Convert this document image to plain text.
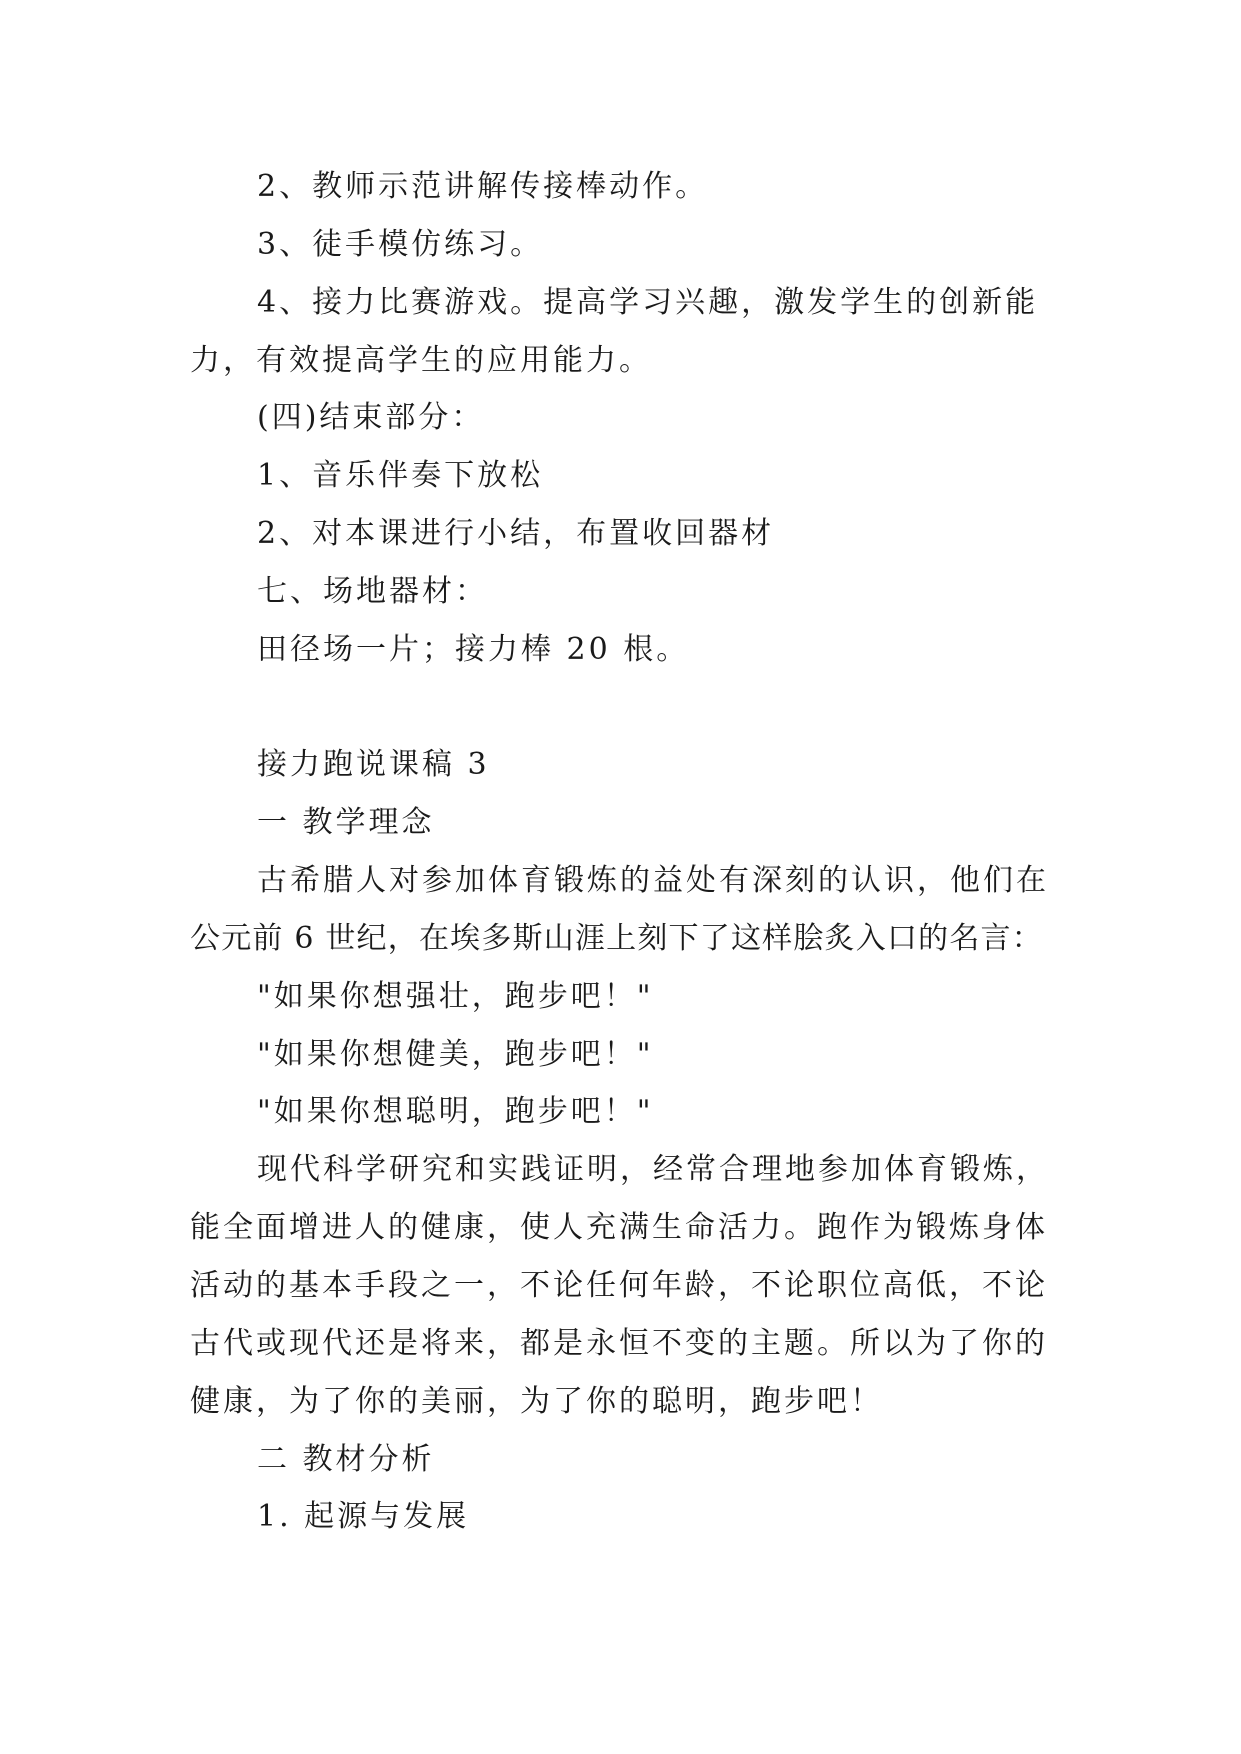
2、教师示范讲解传接棒动作。
3、徒手模仿练习。
4、接力比赛游戏。提高学习兴趣，激发学生的创新能
力，有效提高学生的应用能力。
(四)结束部分：
1、音乐伴奏下放松
2、对本课进行小结，布置收回器材
七、场地器材：
田径场一片；接力棒 20 根。
接力跑说课稿 3
一 教学理念
古希腊人对参加体育锻炼的益处有深刻的认识，他们在
公元前 6 世纪，在埃多斯山涯上刻下了这样脍炙入口的名言：
"如果你想强壮，跑步吧！"
"如果你想健美，跑步吧！"
"如果你想聪明，跑步吧！"
现代科学研究和实践证明，经常合理地参加体育锻炼，
能全面增进人的健康，使人充满生命活力。跑作为锻炼身体
活动的基本手段之一，不论任何年龄，不论职位高低，不论
古代或现代还是将来，都是永恒不变的主题。所以为了你的
健康，为了你的美丽，为了你的聪明，跑步吧！
二 教材分析
1. 起源与发展
